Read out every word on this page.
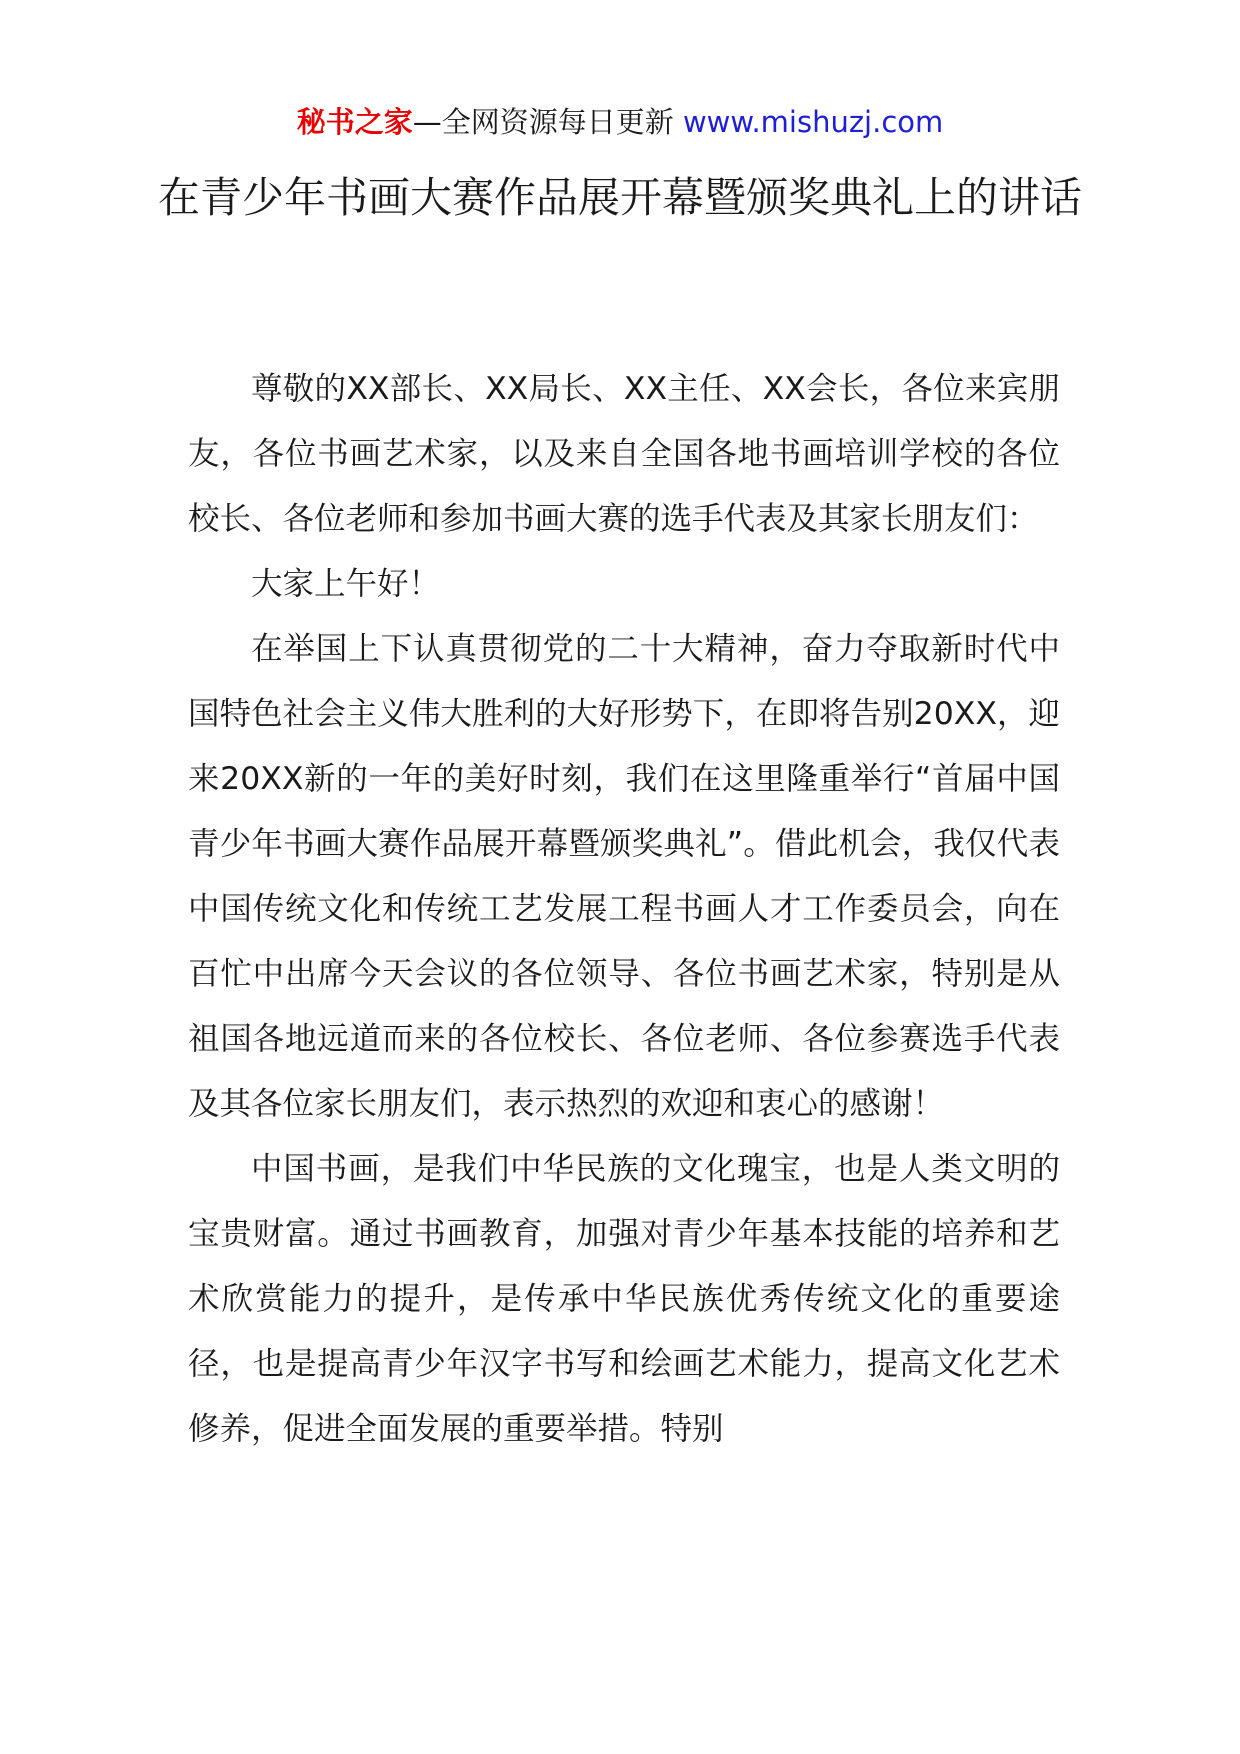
秘书之家—全网资源每日更新 www.mishuzj.com
在青少年书画大赛作品展开幕暨颁奖典礼上的讲话

尊敬的XX部长、XX局长、XX主任、XX会长，各位来宾朋友，各位书画艺术家，以及来自全国各地书画培训学校的各位校长、各位老师和参加书画大赛的选手代表及其家长朋友们：

大家上午好！

在举国上下认真贯彻党的二十大精神，奋力夺取新时代中国特色社会主义伟大胜利的大好形势下，在即将告别20XX，迎来20XX新的一年的美好时刻，我们在这里隆重举行“首届中国青少年书画大赛作品展开幕暨颁奖典礼”。借此机会，我仅代表中国传统文化和传统工艺发展工程书画人才工作委员会，向在百忙中出席今天会议的各位领导、各位书画艺术家，特别是从祖国各地远道而来的各位校长、各位老师、各位参赛选手代表及其各位家长朋友们，表示热烈的欢迎和衷心的感谢！

中国书画，是我们中华民族的文化瑰宝，也是人类文明的宝贵财富。通过书画教育，加强对青少年基本技能的培养和艺术欣赏能力的提升，是传承中华民族优秀传统文化的重要途径，也是提高青少年汉字书写和绘画艺术能力，提高文化艺术修养，促进全面发展的重要举措。特别
